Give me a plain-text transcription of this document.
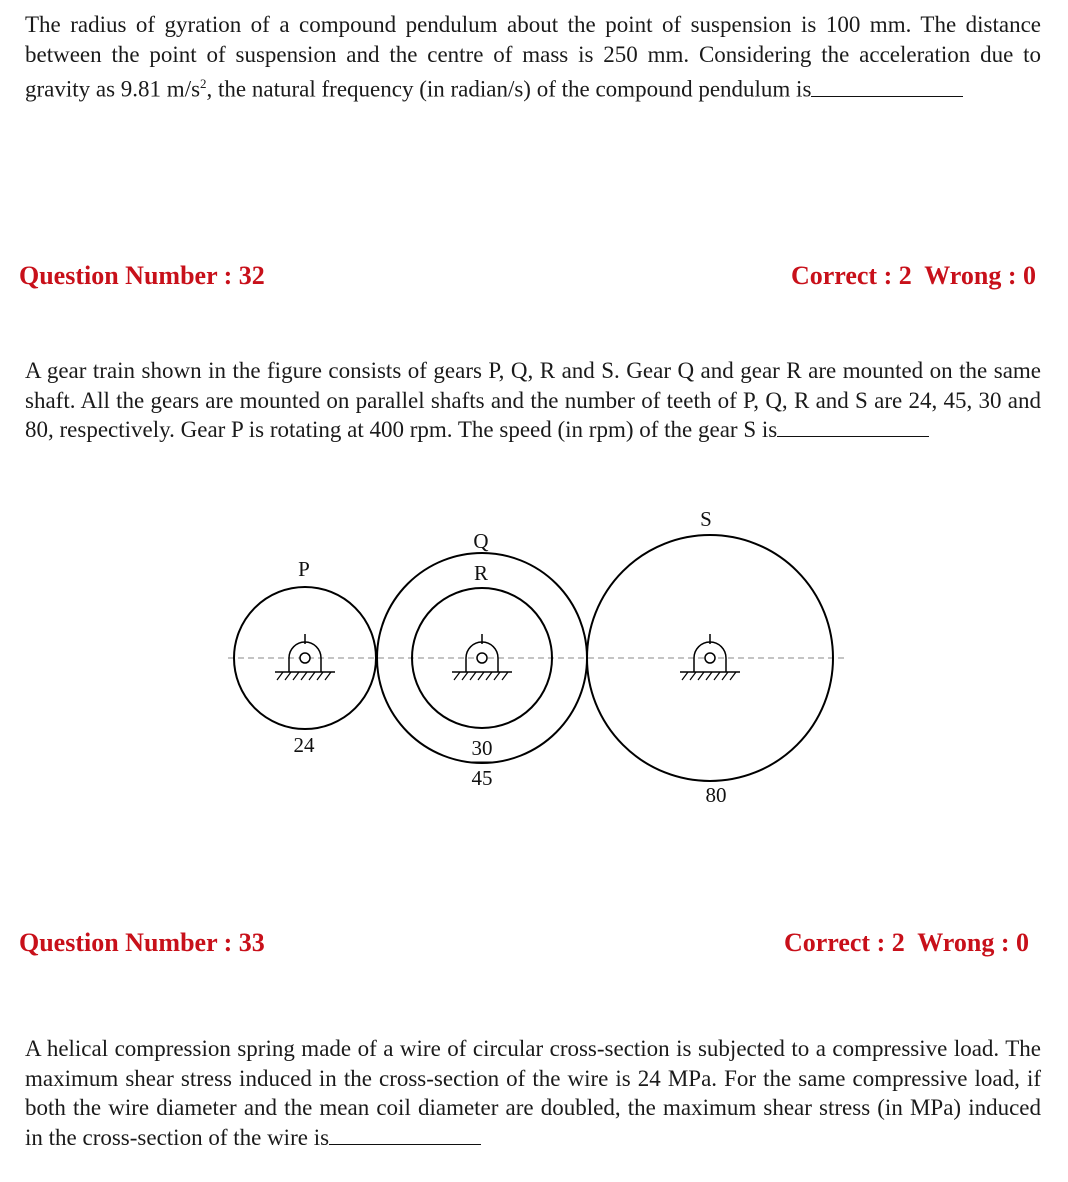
The radius of gyration of a compound pendulum about the point of suspension is 100 mm. The distance between the point of suspension and the centre of mass is 250 mm. Considering the acceleration due to gravity as 9.81 $m/s^2$, the natural frequency (in radian/s) of the compound pendulum is
Question Number : 32	Correct : 2  Wrong : 0
A gear train shown in the figure consists of gears P, Q, R and S. Gear Q and gear R are mounted on the same shaft. All the gears are mounted on parallel shafts and the number of teeth of P, Q, R and S are 24, 45, 30 and 80, respectively. Gear P is rotating at 400 rpm. The speed (in rpm) of the gear S is
P
Q
R
S
24	30
45
80
Question Number : 33	Correct : 2  Wrong : 0
A helical compression spring made of a wire of circular cross-section is subjected to a compressive load. The maximum shear stress induced in the cross-section of the wire is 24 MPa. For the same compressive load, if both the wire diameter and the mean coil diameter are doubled, the maximum shear stress (in MPa) induced in the cross-section of the wire is
